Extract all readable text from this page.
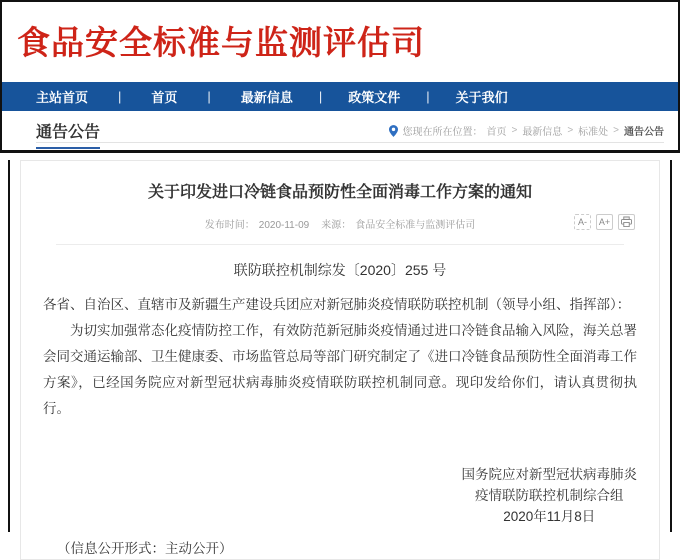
食品安全标准与监测评估司
主站首页 | 首页 | 最新信息 | 政策文件 | 关于我们
通告公告	您现在所在位置： 首页 > 最新信息 > 标准处 > 通告公告
关于印发进口冷链食品预防性全面消毒工作方案的通知
发布时间： 2020-11-09 来源： 食品安全标准与监测评估司	A-	A+
联防联控机制综发〔2020〕255 号

各省、自治区、直辖市及新疆生产建设兵团应对新冠肺炎疫情联防联控机制（领导小组、指挥部）：

为切实加强常态化疫情防控工作，有效防范新冠肺炎疫情通过进口冷链食品输入风险，海关总署会同交通运输部、卫生健康委、市场监管总局等部门研究制定了《进口冷链食品预防性全面消毒工作方案》，已经国务院应对新型冠状病毒肺炎疫情联防联控机制同意。现印发给你们，请认真贯彻执行。

国务院应对新型冠状病毒肺炎
疫情联防联控机制综合组
2020年11月8日

（信息公开形式：主动公开）
